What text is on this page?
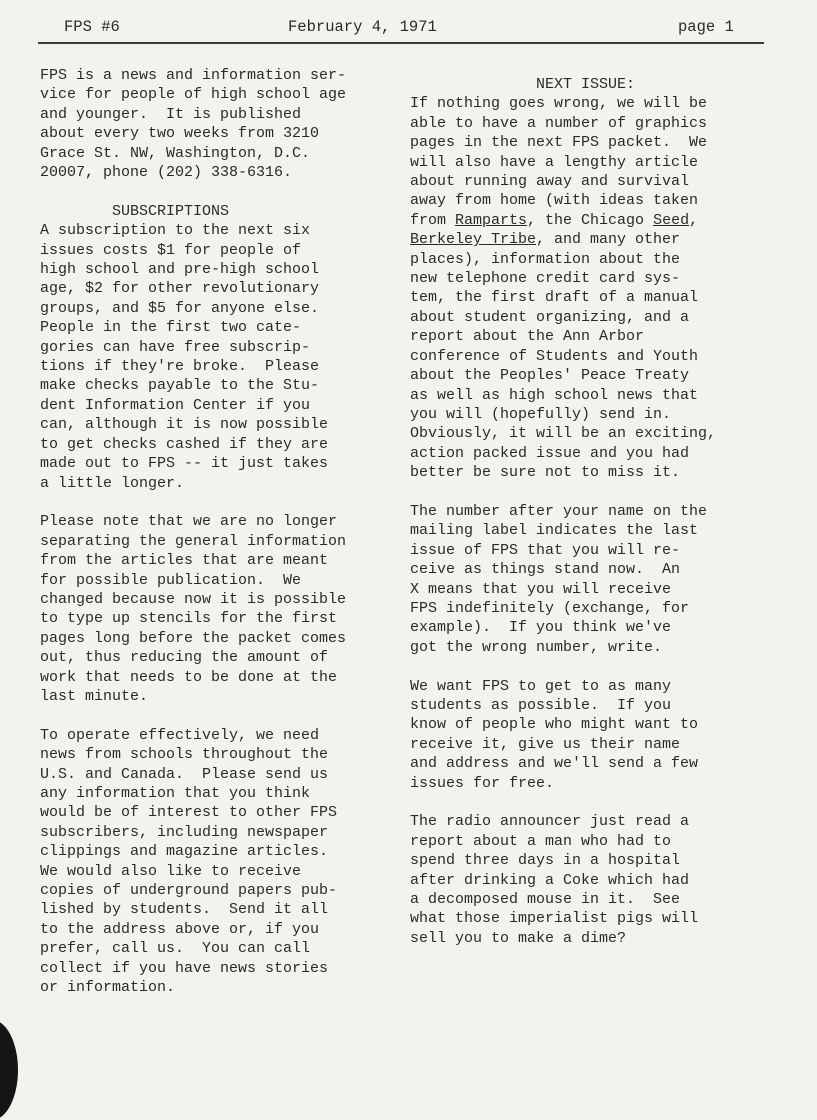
FPS #6	February 4, 1971	page 1

FPS is a news and information ser-

vice for people of high school age

and younger.  It is published

about every two weeks from 3210

Grace St. NW, Washington, D.C.

20007, phone (202) 338-6316.

SUBSCRIPTIONS

A subscription to the next six

issues costs $1 for people of

high school and pre-high school

age, $2 for other revolutionary

groups, and $5 for anyone else.

People in the first two cate-

gories can have free subscrip-

tions if they're broke.  Please

make checks payable to the Stu-

dent Information Center if you

can, although it is now possible

to get checks cashed if they are

made out to FPS -- it just takes

a little longer.

Please note that we are no longer

separating the general information

from the articles that are meant

for possible publication.  We

changed because now it is possible

to type up stencils for the first

pages long before the packet comes

out, thus reducing the amount of

work that needs to be done at the

last minute.

To operate effectively, we need

news from schools throughout the

U.S. and Canada.  Please send us

any information that you think

would be of interest to other FPS

subscribers, including newspaper

clippings and magazine articles.

We would also like to receive

copies of underground papers pub-

lished by students.  Send it all

to the address above or, if you

prefer, call us.  You can call

collect if you have news stories

or information.

NEXT ISSUE:

If nothing goes wrong, we will be

able to have a number of graphics

pages in the next FPS packet.  We

will also have a lengthy article

about running away and survival

away from home (with ideas taken

from Ramparts, the Chicago Seed,

Berkeley Tribe, and many other

places), information about the

new telephone credit card sys-

tem, the first draft of a manual

about student organizing, and a

report about the Ann Arbor

conference of Students and Youth

about the Peoples' Peace Treaty

as well as high school news that

you will (hopefully) send in.

Obviously, it will be an exciting,

action packed issue and you had

better be sure not to miss it.

The number after your name on the

mailing label indicates the last

issue of FPS that you will re-

ceive as things stand now.  An

X means that you will receive

FPS indefinitely (exchange, for

example).  If you think we've

got the wrong number, write.

We want FPS to get to as many

students as possible.  If you

know of people who might want to

receive it, give us their name

and address and we'll send a few

issues for free.

The radio announcer just read a

report about a man who had to

spend three days in a hospital

after drinking a Coke which had

a decomposed mouse in it.  See

what those imperialist pigs will

sell you to make a dime?
